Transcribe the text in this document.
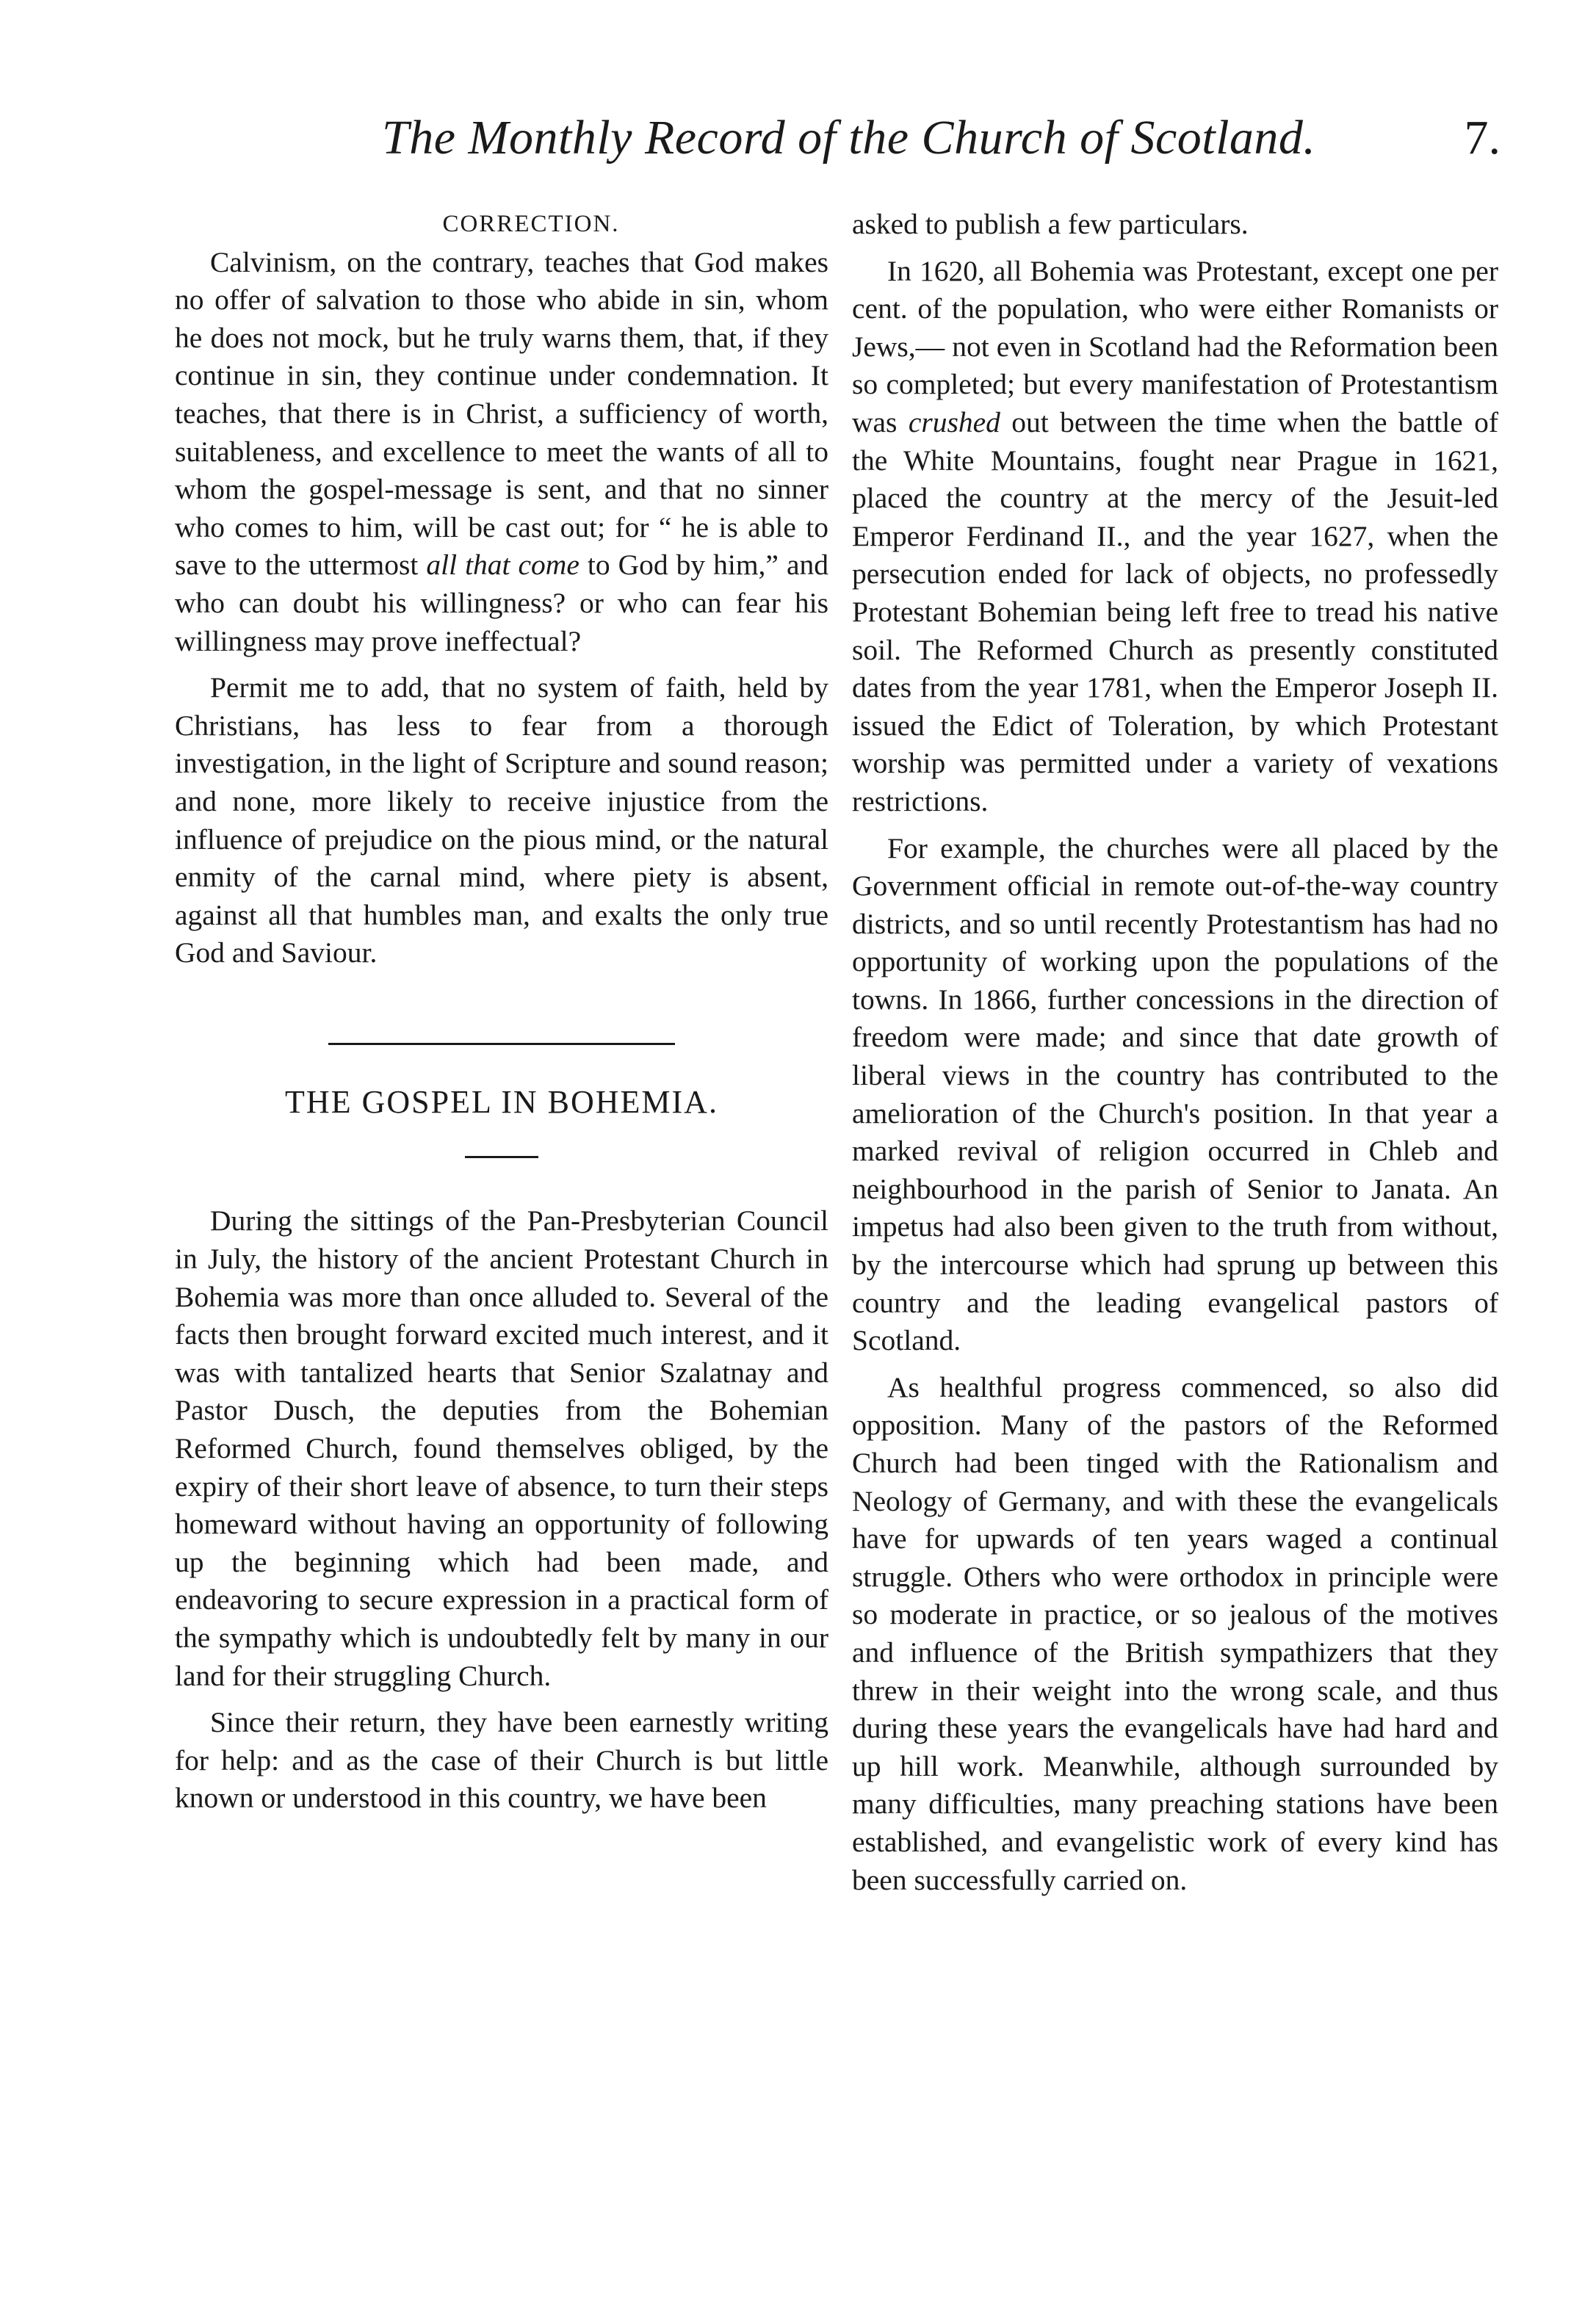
The Monthly Record of the Church of Scotland.	7.
CORRECTION.

Calvinism, on the contrary, teaches that God makes no offer of salvation to those who abide in sin, whom he does not mock, but he truly warns them, that, if they continue in sin, they continue under condemnation. It teaches, that there is in Christ, a sufficiency of worth, suitableness, and excellence to meet the wants of all to whom the gospel-message is sent, and that no sinner who comes to him, will be cast out; for “ he is able to save to the uttermost all that come to God by him,” and who can doubt his willingness? or who can fear his willingness may prove ineffectual?

Permit me to add, that no system of faith, held by Christians, has less to fear from a thorough investigation, in the light of Scripture and sound reason; and none, more likely to receive injustice from the influence of prejudice on the pious mind, or the natural enmity of the carnal mind, where piety is absent, against all that humbles man, and exalts the only true God and Saviour.

THE GOSPEL IN BOHEMIA.

During the sittings of the Pan-Presbyterian Council in July, the history of the ancient Protestant Church in Bohemia was more than once alluded to. Several of the facts then brought forward excited much interest, and it was with tantalized hearts that Senior Szalatnay and Pastor Dusch, the deputies from the Bohemian Reformed Church, found themselves obliged, by the expiry of their short leave of absence, to turn their steps homeward without having an opportunity of following up the beginning which had been made, and endeavoring to secure expression in a practical form of the sympathy which is undoubtedly felt by many in our land for their struggling Church.

Since their return, they have been earnestly writing for help: and as the case of their Church is but little known or understood in this country, we have been

asked to publish a few particulars.

In 1620, all Bohemia was Protestant, except one per cent. of the population, who were either Romanists or Jews,— not even in Scotland had the Reformation been so completed; but every manifestation of Protestantism was crushed out between the time when the battle of the White Mountains, fought near Prague in 1621, placed the country at the mercy of the Jesuit-led Emperor Ferdinand II., and the year 1627, when the persecution ended for lack of objects, no professedly Protestant Bohemian being left free to tread his native soil. The Reformed Church as presently constituted dates from the year 1781, when the Emperor Joseph II. issued the Edict of Toleration, by which Protestant worship was permitted under a variety of vexations restrictions.

For example, the churches were all placed by the Government official in remote out-of-the-way country districts, and so until recently Protestantism has had no opportunity of working upon the populations of the towns. In 1866, further concessions in the direction of freedom were made; and since that date growth of liberal views in the country has contributed to the amelioration of the Church's position. In that year a marked revival of religion occurred in Chleb and neighbourhood in the parish of Senior to Janata. An impetus had also been given to the truth from without, by the intercourse which had sprung up between this country and the leading evangelical pastors of Scotland.

As healthful progress commenced, so also did opposition. Many of the pastors of the Reformed Church had been tinged with the Rationalism and Neology of Germany, and with these the evangelicals have for upwards of ten years waged a continual struggle. Others who were orthodox in principle were so moderate in practice, or so jealous of the motives and influence of the British sympathizers that they threw in their weight into the wrong scale, and thus during these years the evangelicals have had hard and up hill work. Meanwhile, although surrounded by many difficulties, many preaching stations have been established, and evangelistic work of every kind has been successfully carried on.
